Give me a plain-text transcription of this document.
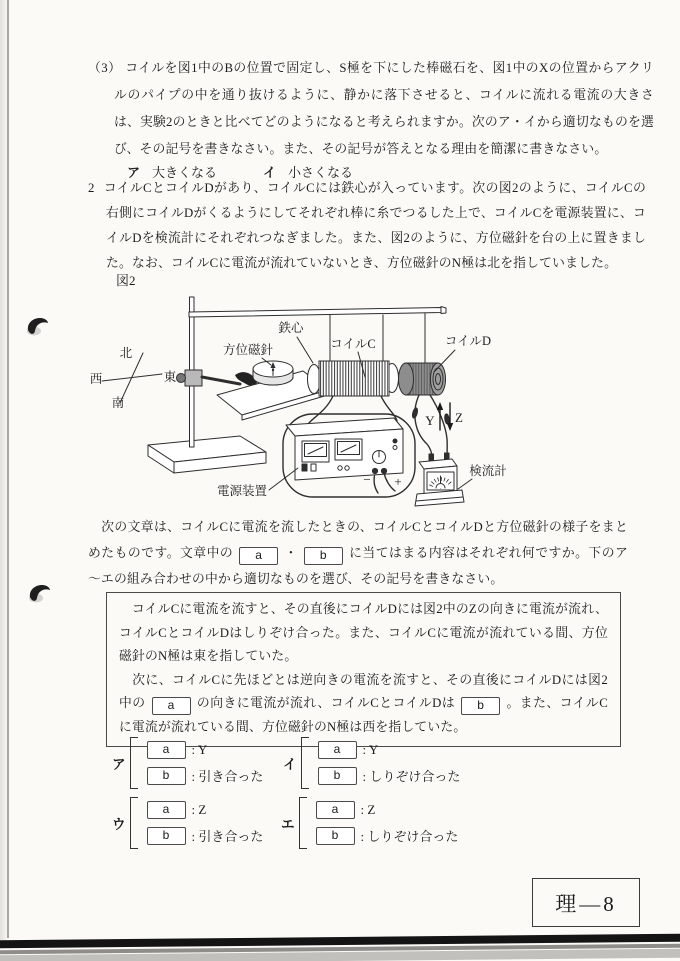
（3） コイルを図1中のBの位置で固定し、S極を下にした棒磁石を、図1中のXの位置からアクリルのパイプの中を通り抜けるように、静かに落下させると、コイルに流れる電流の大きさは、実験2のときと比べてどのようになると考えられますか。次のア・イから適切なものを選び、その記号を書きなさい。また、その記号が答えとなる理由を簡潔に書きなさい。
ア 大きくなる	イ 小さくなる
2 コイルCとコイルDがあり、コイルCには鉄心が入っています。次の図2のように、コイルCの右側にコイルDがくるようにしてそれぞれ棒に糸でつるした上で、コイルCを電源装置に、コイルDを検流計にそれぞれつなぎました。また、図2のように、方位磁針を台の上に置きました。なお、コイルCに電流が流れていないとき、方位磁針のN極は北を指していました。
図2
北
西	東
南
方位磁針
鉄心
コイルC	コイルD
Y Z
− +
電源装置
検流計
　次の文章は、コイルCに電流を流したときの、コイルCとコイルDと方位磁針の様子をまとめたものです。文章中の a ・ b に当てはまる内容はそれぞれ何ですか。下のア～エの組み合わせの中から適切なものを選び、その記号を書きなさい。

　コイルCに電流を流すと、その直後にコイルDには図2中のZの向きに電流が流れ、コイルCとコイルDはしりぞけ合った。また、コイルCに電流が流れている間、方位磁針のN極は東を指していた。

　次に、コイルCに先ほどとは逆向きの電流を流すと、その直後にコイルDには図2中の a の向きに電流が流れ、コイルCとコイルDは b 。また、コイルCに電流が流れている間、方位磁針のN極は西を指していた。

ア
a	: Y
b	: 引き合った
イ
a	: Y
b	: しりぞけ合った
ウ
a	: Z
b	: 引き合った
エ
a	: Z
b	: しりぞけ合った
理—8
